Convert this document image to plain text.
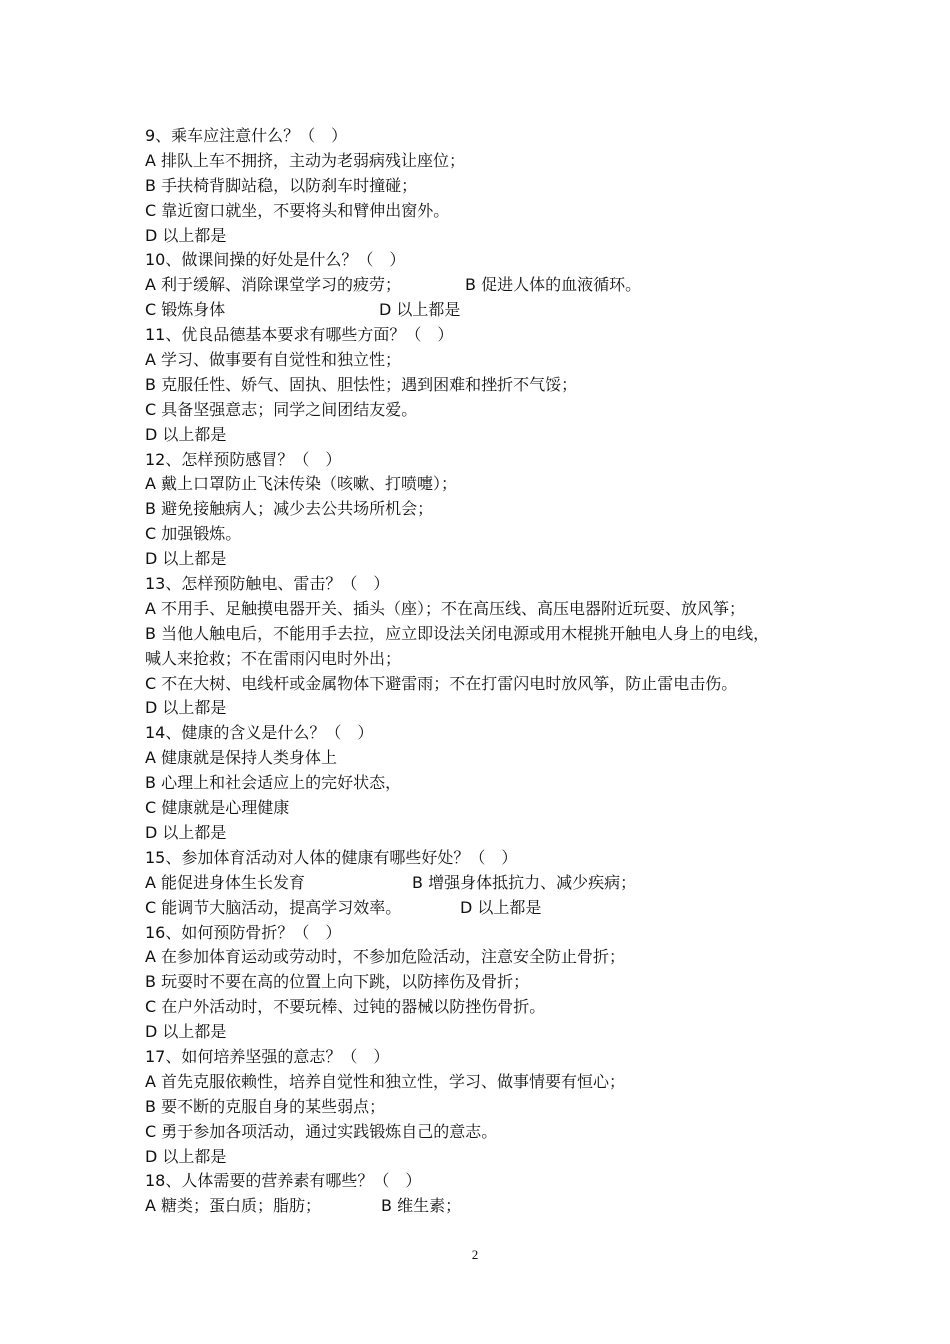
9、乘车应注意什么？（　）
A 排队上车不拥挤，主动为老弱病残让座位；
B 手扶椅背脚站稳，以防刹车时撞碰；
C 靠近窗口就坐，不要将头和臂伸出窗外。
D 以上都是
10、做课间操的好处是什么？（　）
A 利于缓解、消除课堂学习的疲劳；	B 促进人体的血液循环。
C 锻炼身体	D 以上都是
11、优良品德基本要求有哪些方面？（　）
A 学习、做事要有自觉性和独立性；
B 克服任性、娇气、固执、胆怯性；遇到困难和挫折不气馁；
C 具备坚强意志；同学之间团结友爱。
D 以上都是
12、怎样预防感冒？（　）
A 戴上口罩防止飞沫传染（咳嗽、打喷嚏）；
B 避免接触病人；减少去公共场所机会；
C 加强锻炼。
D 以上都是
13、怎样预防触电、雷击？（　）
A 不用手、足触摸电器开关、插头（座）；不在高压线、高压电器附近玩耍、放风筝；
B 当他人触电后，不能用手去拉，应立即设法关闭电源或用木棍挑开触电人身上的电线，
喊人来抢救；不在雷雨闪电时外出；
C 不在大树、电线杆或金属物体下避雷雨；不在打雷闪电时放风筝，防止雷电击伤。
D 以上都是
14、健康的含义是什么？（　）
A 健康就是保持人类身体上
B 心理上和社会适应上的完好状态，
C 健康就是心理健康
D 以上都是
15、参加体育活动对人体的健康有哪些好处？（　）
A 能促进身体生长发育	B 增强身体抵抗力、减少疾病；
C 能调节大脑活动，提高学习效率。	D 以上都是
16、如何预防骨折？（　）
A 在参加体育运动或劳动时，不参加危险活动，注意安全防止骨折；
B 玩耍时不要在高的位置上向下跳，以防摔伤及骨折；
C 在户外活动时，不要玩棒、过钝的器械以防挫伤骨折。
D 以上都是
17、如何培养坚强的意志？（　）
A 首先克服依赖性，培养自觉性和独立性，学习、做事情要有恒心；
B 要不断的克服自身的某些弱点；
C 勇于参加各项活动，通过实践锻炼自己的意志。
D 以上都是
18、人体需要的营养素有哪些？（　）
A 糖类；蛋白质；脂肪；	B 维生素；
2
